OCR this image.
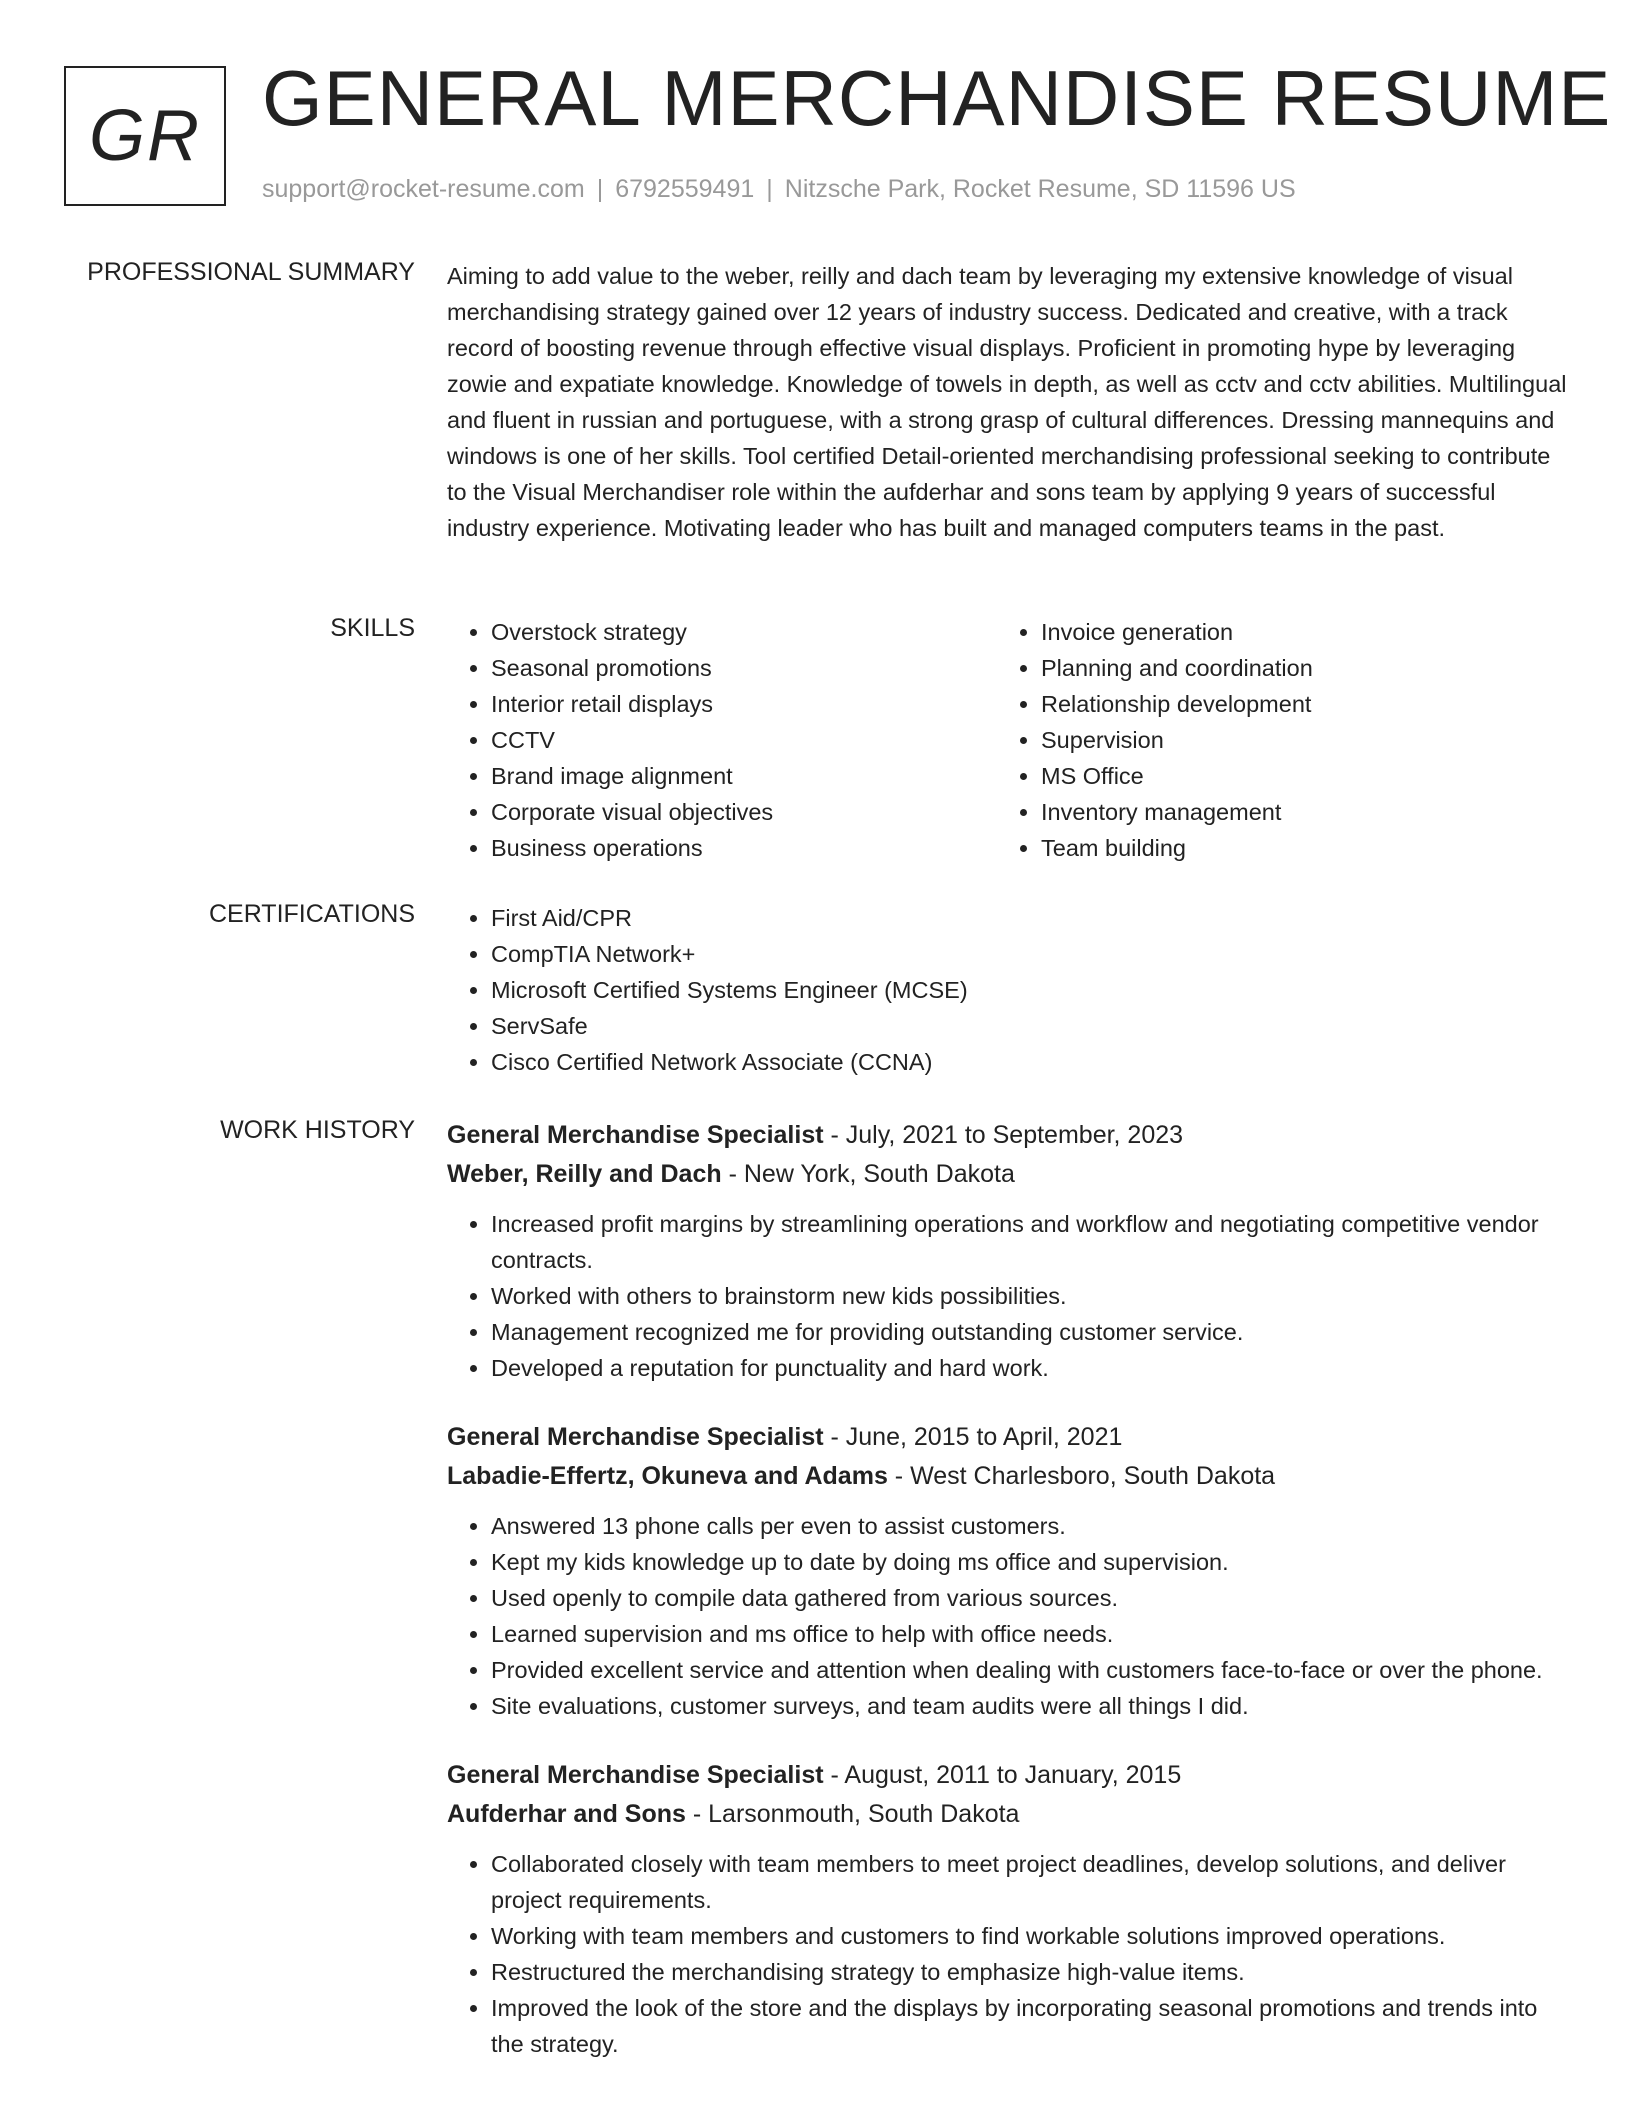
GR GENERAL MERCHANDISE RESUME
support@rocket-resume.com | 6792559491 | Nitzsche Park, Rocket Resume, SD 11596 US
PROFESSIONAL SUMMARY Aiming to add value to the weber, reilly and dach team by leveraging my extensive knowledge of visual merchandising strategy gained over 12 years of industry success. Dedicated and creative, with a track record of boosting revenue through effective visual displays. Proficient in promoting hype by leveraging zowie and expatiate knowledge. Knowledge of towels in depth, as well as cctv and cctv abilities. Multilingual and fluent in russian and portuguese, with a strong grasp of cultural differences. Dressing mannequins and windows is one of her skills. Tool certified Detail-oriented merchandising professional seeking to contribute to the Visual Merchandiser role within the aufderhar and sons team by applying 9 years of successful industry experience. Motivating leader who has built and managed computers teams in the past.

SKILLS	• Overstock strategy
• Seasonal promotions
• Interior retail displays
• CCTV
• Brand image alignment
• Corporate visual objectives
• Business operations
• Invoice generation
• Planning and coordination
• Relationship development
• Supervision
• MS Office
• Inventory management
• Team building
CERTIFICATIONS	• First Aid/CPR
• CompTIA Network+
• Microsoft Certified Systems Engineer (MCSE)
• ServSafe
• Cisco Certified Network Associate (CCNA)
WORK HISTORY General Merchandise Specialist - July, 2021 to September, 2023
Weber, Reilly and Dach - New York, South Dakota
• Increased profit margins by streamlining operations and workflow and negotiating competitive vendor contracts.
• Worked with others to brainstorm new kids possibilities.
• Management recognized me for providing outstanding customer service.
• Developed a reputation for punctuality and hard work.
General Merchandise Specialist - June, 2015 to April, 2021
Labadie-Effertz, Okuneva and Adams - West Charlesboro, South Dakota
• Answered 13 phone calls per even to assist customers.
• Kept my kids knowledge up to date by doing ms office and supervision.
• Used openly to compile data gathered from various sources.
• Learned supervision and ms office to help with office needs.
• Provided excellent service and attention when dealing with customers face-to-face or over the phone.
• Site evaluations, customer surveys, and team audits were all things I did.
General Merchandise Specialist - August, 2011 to January, 2015
Aufderhar and Sons - Larsonmouth, South Dakota
• Collaborated closely with team members to meet project deadlines, develop solutions, and deliver project requirements.
• Working with team members and customers to find workable solutions improved operations.
• Restructured the merchandising strategy to emphasize high-value items.
• Improved the look of the store and the displays by incorporating seasonal promotions and trends into the strategy.
